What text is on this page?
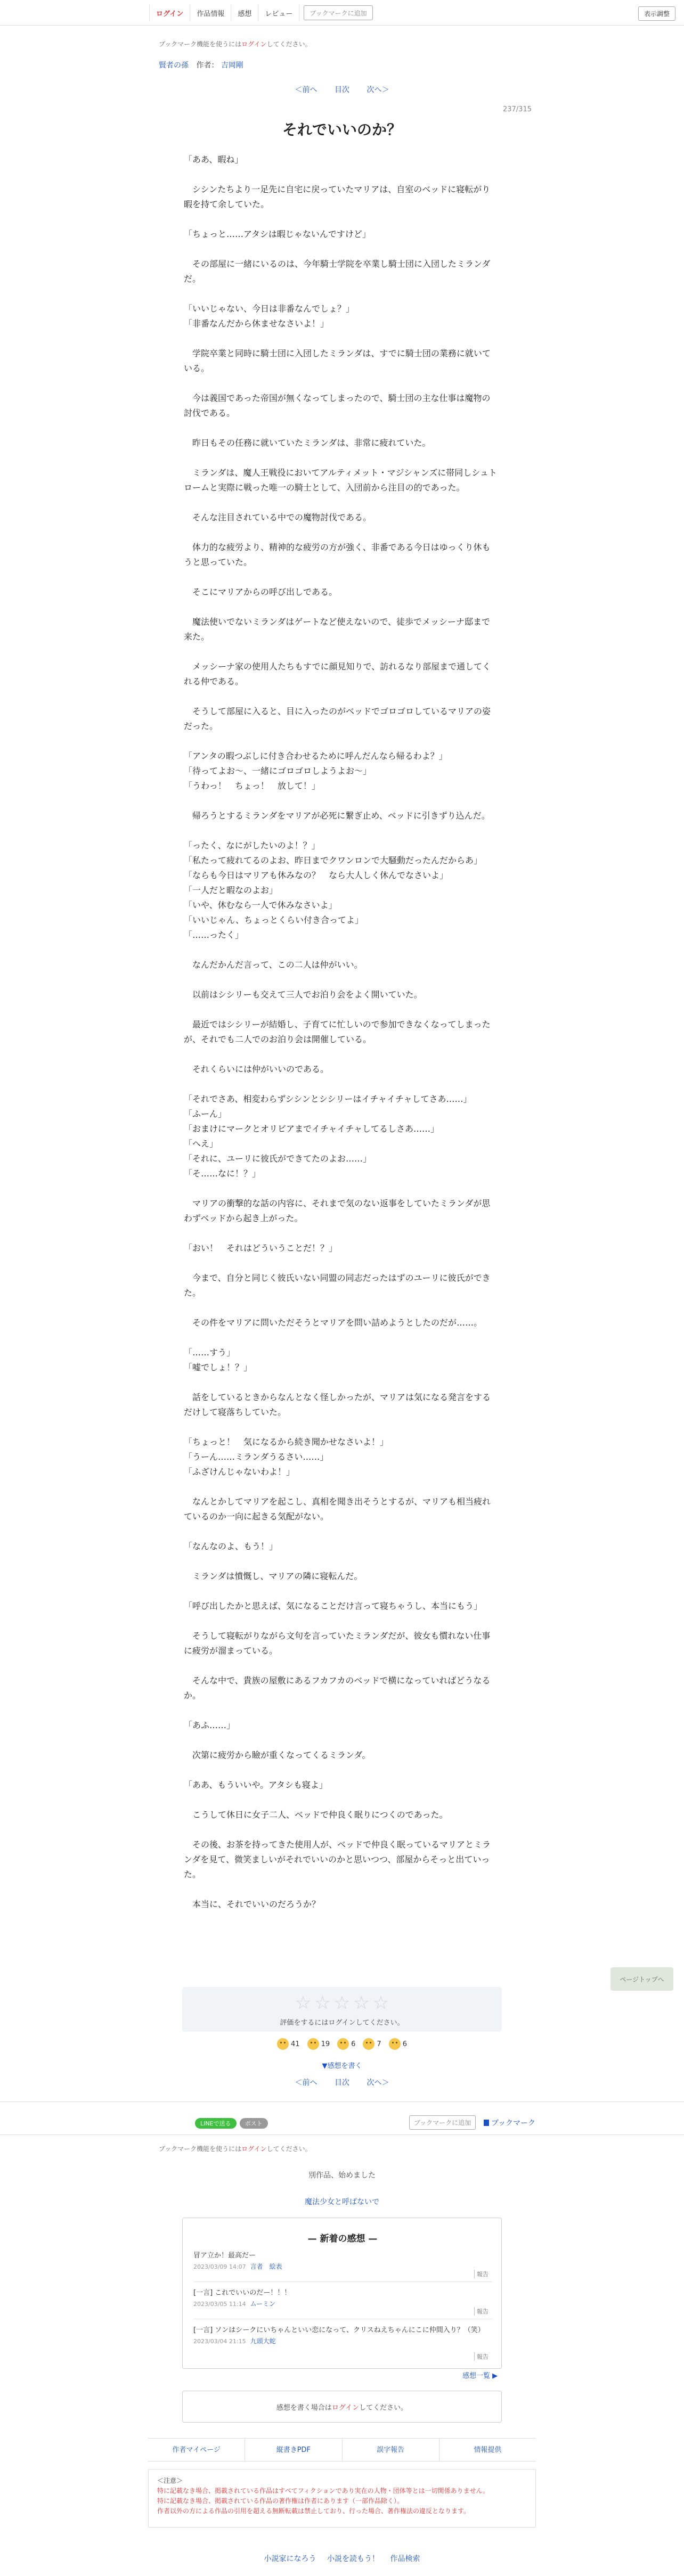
ログイン	作品情報	感想	レビュー	ブックマークに追加	表示調整
ブックマーク機能を使うにはログインしてください。
賢者の孫 作者： 吉岡剛
＜前へ 目次 次へ＞
237/315
それでいいのか？

「ああ、暇ね」

　シシンたちより一足先に自宅に戻っていたマリアは、自室のベッドに寝転がり暇を持て余していた。

「ちょっと……アタシは暇じゃないんですけど」

　その部屋に一緒にいるのは、今年騎士学院を卒業し騎士団に入団したミランダだ。

「いいじゃない、今日は非番なんでしょ？」

「非番なんだから休ませなさいよ！」

　学院卒業と同時に騎士団に入団したミランダは、すでに騎士団の業務に就いている。

　今は義国であった帝国が無くなってしまったので、騎士団の主な仕事は魔物の討伐である。

　昨日もその任務に就いていたミランダは、非常に疲れていた。

　ミランダは、魔人王戦役においてアルティメット・マジシャンズに帯同しシュトロームと実際に戦った唯一の騎士として、入団前から注目の的であった。

　そんな注目されている中での魔物討伐である。

　体力的な疲労より、精神的な疲労の方が強く、非番である今日はゆっくり休もうと思っていた。

　そこにマリアからの呼び出しである。

　魔法使いでないミランダはゲートなど使えないので、徒歩でメッシーナ邸まで来た。

　メッシーナ家の使用人たちもすでに顔見知りで、訪れるなり部屋まで通してくれる仲である。

　そうして部屋に入ると、目に入ったのがベッドでゴロゴロしているマリアの姿だった。

「アンタの暇つぶしに付き合わせるために呼んだんなら帰るわよ？」

「待ってよお〜、一緒にゴロゴロしようよお〜」

「うわっ！　ちょっ！　放して！」

　帰ろうとするミランダをマリアが必死に繋ぎ止め、ベッドに引きずり込んだ。

「ったく、なにがしたいのよ！？」

「私たって疲れてるのよお、昨日までクワンロンで大騒動だったんだからあ」

「ならも今日はマリアも休みなの？　なら大人しく休んでなさいよ」

「一人だと暇なのよお」

「いや、休むなら一人で休みなさいよ」

「いいじゃん、ちょっとくらい付き合ってよ」

「……ったく」

　なんだかんだ言って、この二人は仲がいい。

　以前はシシリーも交えて三人でお泊り会をよく開いていた。

　最近ではシシリーが結婚し、子育てに忙しいので参加できなくなってしまったが、それでも二人でのお泊り会は開催している。

　それくらいには仲がいいのである。

「それでさあ、相変わらずシシンとシシリーはイチャイチャしてさあ……」

「ふーん」

「おまけにマークとオリビアまでイチャイチャしてるしさあ……」

「へえ」

「それに、ユーリに彼氏ができてたのよお……」

「そ……なに！？」

　マリアの衝撃的な話の内容に、それまで気のない返事をしていたミランダが思わずベッドから起き上がった。

「おい！　それはどういうことだ！？」

　今まで、自分と同じく彼氏いない同盟の同志だったはずのユーリに彼氏ができた。

　その件をマリアに問いただそうとマリアを問い詰めようとしたのだが……。

「……すう」

「嘘でしょ！？」

　話をしているときからなんとなく怪しかったが、マリアは気になる発言をするだけして寝落ちしていた。

「ちょっと！　気になるから続き聞かせなさいよ！」

「うーん……ミランダうるさい……」

「ふざけんじゃないわよ！」

　なんとかしてマリアを起こし、真相を聞き出そうとするが、マリアも相当疲れているのか一向に起きる気配がない。

「なんなのよ、もう！」

　ミランダは憤慨し、マリアの隣に寝転んだ。

「呼び出したかと思えば、気になることだけ言って寝ちゃうし、本当にもう」

　そうして寝転がりながら文句を言っていたミランダだが、彼女も慣れない仕事に疲労が溜まっている。

　そんな中で、貴族の屋敷にあるフカフカのベッドで横になっていればどうなるか。

「あふ……」

　次第に疲労から瞼が重くなってくるミランダ。

「ああ、もういいや。アタシも寝よ」

　こうして休日に女子二人、ベッドで仲良く眠りにつくのであった。

　その後、お茶を持ってきた使用人が、ベッドで仲良く眠っているマリアとミランダを見て、微笑ましいがそれでいいのかと思いつつ、部屋からそっと出ていった。

　本当に、それでいいのだろうか？

ページトップへ
☆ ☆ ☆ ☆ ☆
評価をするにはログインしてください。
41	19	6	7	6
▼感想を書く
＜前へ 目次 次へ＞
LINEで送る	ポスト	ブックマークに追加	ブックマーク
ブックマーク機能を使うにはログインしてください。
別作品、始めました
魔法少女と呼ばないで
— 新着の感想 —
冒ア立か！最高だー
2023/03/09 14:07 言者　絵表
報告
[一言] これでいいのだー！！！
2023/03/05 11:14 ムーミン
報告
[一言] ソンはシークにいちゃんといい恋になって、クリスねえちゃんにこに仲間入り？（笑）
2023/03/04 21:15 九頭大蛇
報告
感想一覧 ▶
感想を書く場合は ログイン してください。
作者マイページ	縦書きPDF	誤字報告	情報提供
＜注意＞
特に記載なき場合、掲載されている作品はすべてフィクションであり実在の人物・団体等とは一切関係ありません。
特に記載なき場合、掲載されている作品の著作権は作者にあります（一部作品除く）。
作者以外の方による作品の引用を超える無断転載は禁止しており、行った場合、著作権法の違反となります。
小説家になろう 小説を読もう！ 作品検索
